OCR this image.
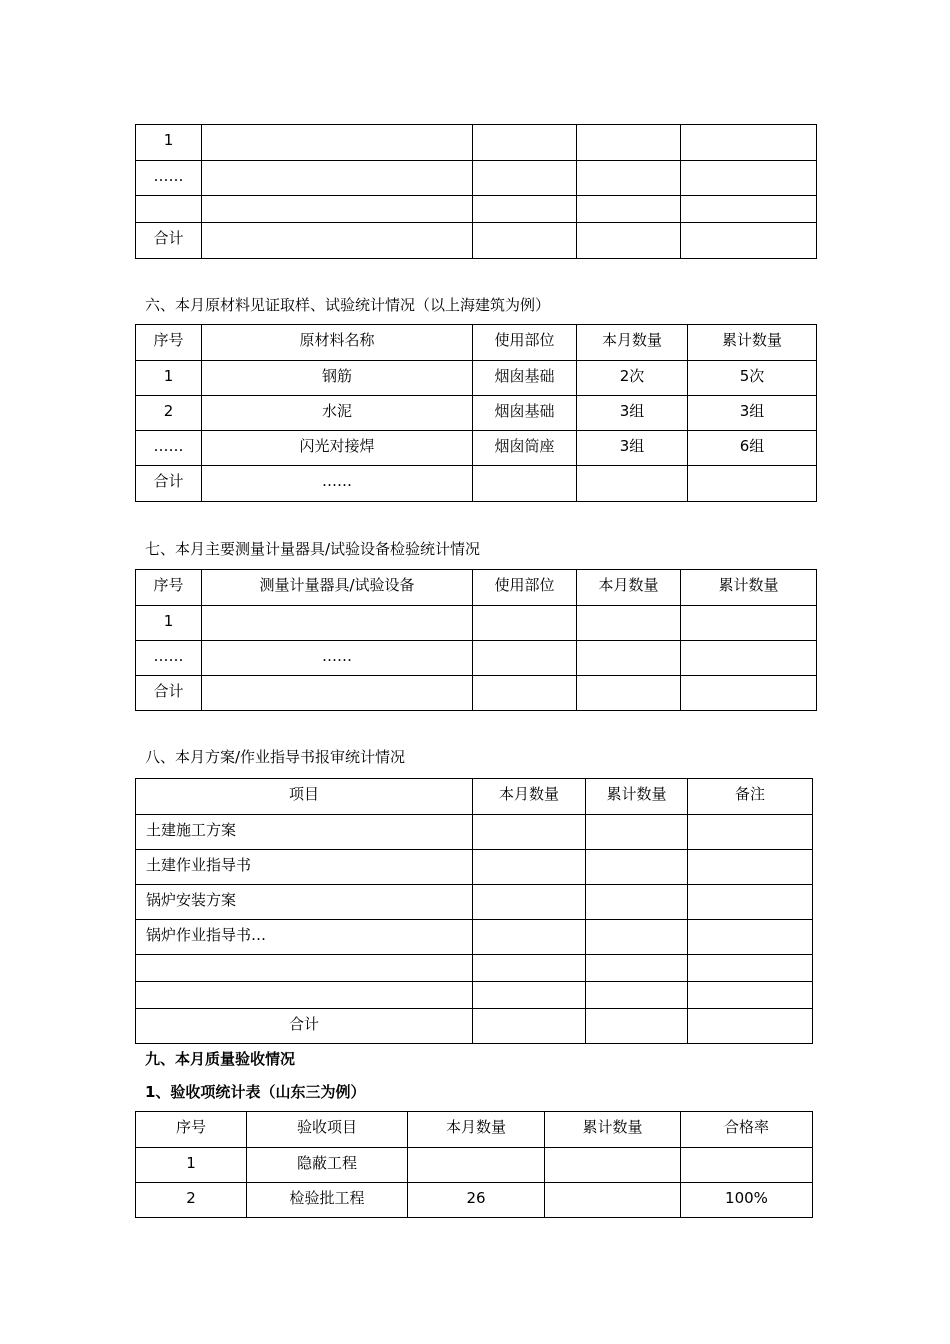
1				
……				

合计				
六、本月原材料见证取样、试验统计情况（以上海建筑为例）
序号	原材料名称	使用部位	本月数量	累计数量
1	钢筋	烟囱基础	2次	5次
2	水泥	烟囱基础	3组	3组
……	闪光对接焊	烟囱筒座	3组	6组
合计	……			
七、本月主要测量计量器具/试验设备检验统计情况
序号	测量计量器具/试验设备	使用部位	本月数量	累计数量
1				
……	……			
合计				
八、本月方案/作业指导书报审统计情况
项目	本月数量	累计数量	备注
土建施工方案			
土建作业指导书			
锅炉安装方案			
锅炉作业指导书…			

合计			
九、本月质量验收情况
1、验收项统计表（山东三为例）
序号	验收项目	本月数量	累计数量	合格率
1	隐蔽工程			
2	检验批工程	26		100%
